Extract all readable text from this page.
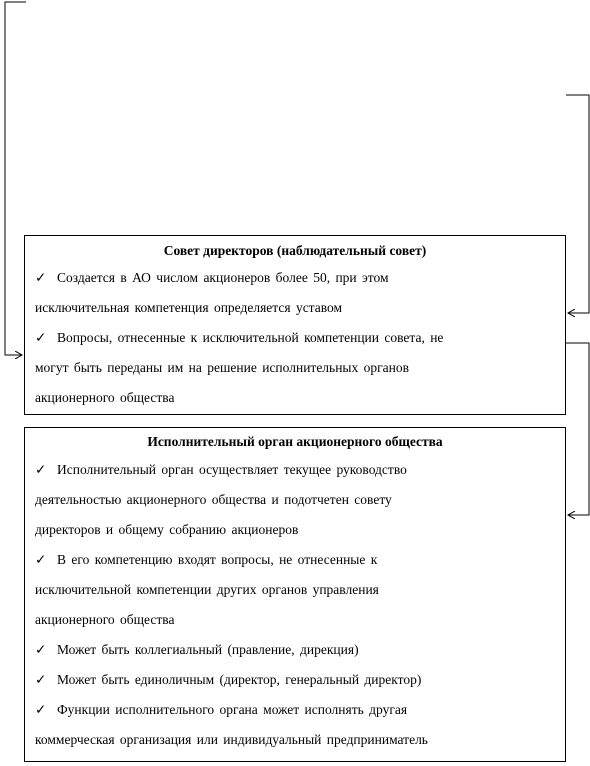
Совет директоров (наблюдательный совет)
✓ Создается в АО числом акционеров более 50, при этом
исключительная компетенция определяется уставом
✓ Вопросы, отнесенные к исключительной компетенции совета, не
могут быть переданы им на решение исполнительных органов
акционерного общества
Исполнительный орган акционерного общества
✓ Исполнительный орган осуществляет текущее руководство
деятельностью акционерного общества и подотчетен совету
директоров и общему собранию акционеров
✓ В его компетенцию входят вопросы, не отнесенные к
исключительной компетенции других органов управления
акционерного общества
✓ Может быть коллегиальный (правление, дирекция)
✓ Может быть единоличным (директор, генеральный директор)
✓ Функции исполнительного органа может исполнять другая
коммерческая организация или индивидуальный предприниматель
